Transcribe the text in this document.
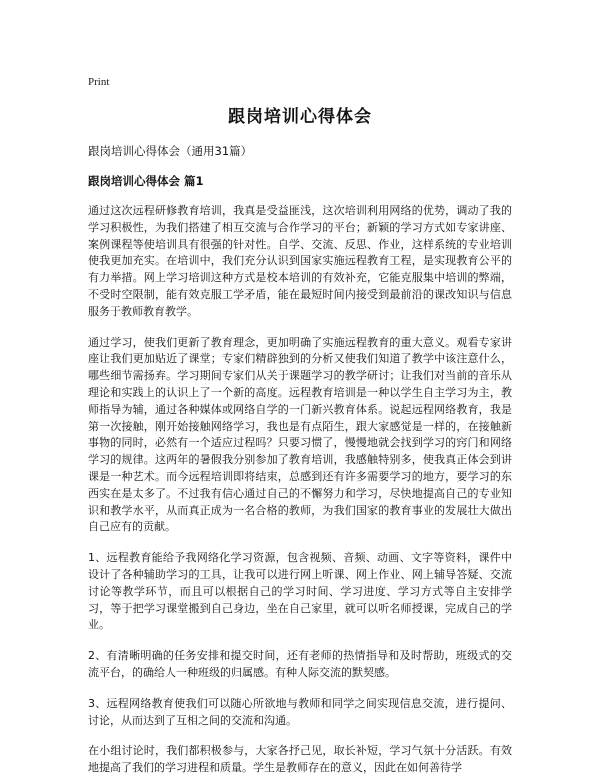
Print
跟岗培训心得体会
跟岗培训心得体会（通用31篇）
跟岗培训心得体会 篇1

通过这次远程研修教育培训，我真是受益匪浅，这次培训利用网络的优势，调动了我的学习积极性，为我们搭建了相互交流与合作学习的平台；新颖的学习方式如专家讲座、案例课程等使培训具有很强的针对性。自学、交流、反思、作业，这样系统的专业培训使我更加充实。在培训中，我们充分认识到国家实施远程教育工程，是实现教育公平的有力举措。网上学习培训这种方式是校本培训的有效补充，它能克服集中培训的弊端，不受时空限制，能有效克服工学矛盾，能在最短时间内接受到最前沿的课改知识与信息服务于教师教育教学。

通过学习，使我们更新了教育理念，更加明确了实施远程教育的重大意义。观看专家讲座让我们更加贴近了课堂；专家们精辟独到的分析又使我们知道了教学中该注意什么，哪些细节需扬弃。学习期间专家们从关于课题学习的教学研讨；让我们对当前的音乐从理论和实践上的认识上了一个新的高度。远程教育培训是一种以学生自主学习为主，教师指导为辅，通过各种媒体或网络自学的一门新兴教育体系。说起远程网络教育，我是第一次接触，刚开始接触网络学习，我也是有点陌生，跟大家感觉是一样的，在接触新事物的同时，必然有一个适应过程吗？只要习惯了，慢慢地就会找到学习的窍门和网络学习的规律。这两年的暑假我分别参加了教育培训，我感触特别多，使我真正体会到讲课是一种艺术。而今远程培训即将结束，总感到还有许多需要学习的地方，要学习的东西实在是太多了。不过我有信心通过自己的不懈努力和学习，尽快地提高自己的专业知识和教学水平，从而真正成为一名合格的教师，为我们国家的教育事业的发展壮大做出自己应有的贡献。

1、远程教育能给予我网络化学习资源，包含视频、音频、动画、文字等资料，课件中设计了各种辅助学习的工具，让我可以进行网上听课、网上作业、网上辅导答疑、交流讨论等教学环节，而且可以根据自己的学习时间、学习进度、学习方式等自主安排学习，等于把学习课堂搬到自己身边，坐在自己家里，就可以听名师授课，完成自己的学业。

2、有清晰明确的任务安排和提交时间，还有老师的热情指导和及时帮助，班级式的交流平台，的确给人一种班级的归属感。有种人际交流的默契感。

3、远程网络教育使我们可以随心所欲地与教师和同学之间实现信息交流，进行提问、讨论，从而达到了互相之间的交流和沟通。

在小组讨论时，我们都积极参与，大家各抒己见，取长补短，学习气氛十分活跃。有效地提高了我们的学习进程和质量。学生是教师存在的意义，因此在如何善待学
